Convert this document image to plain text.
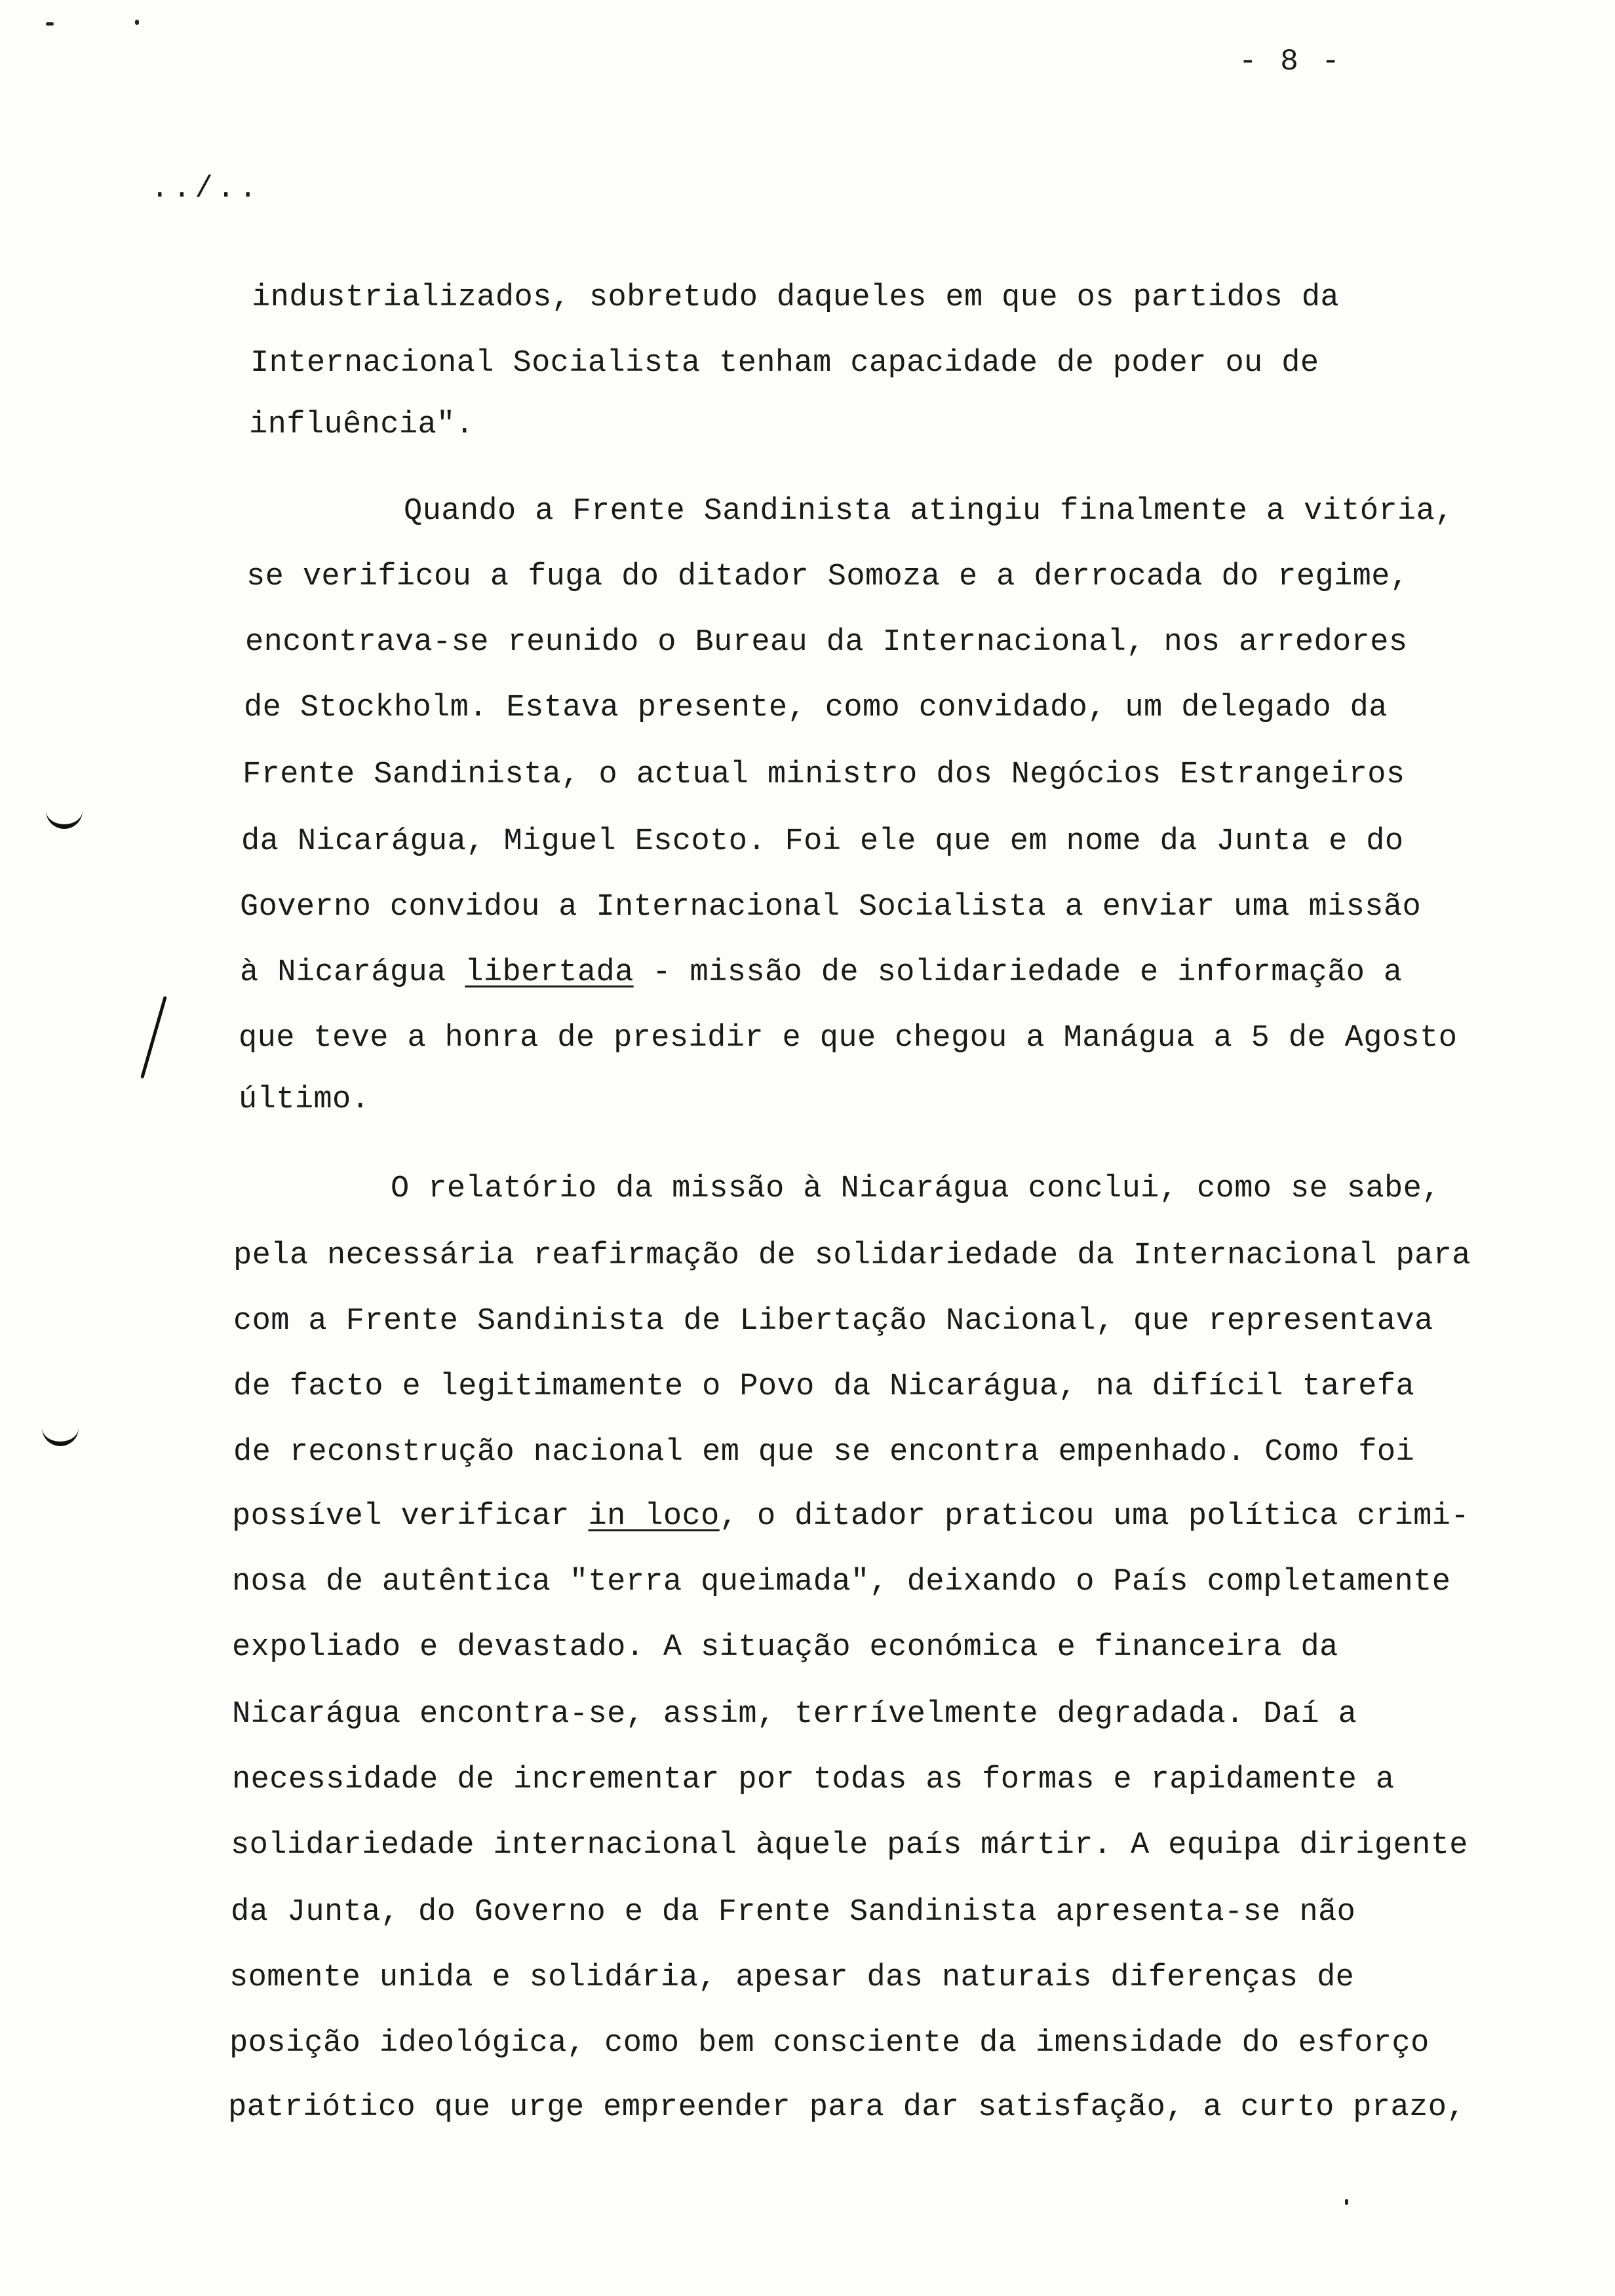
- 8 -
../..
industrializados, sobretudo daqueles em que os partidos da
Internacional Socialista tenham capacidade de poder ou de
influência".
Quando a Frente Sandinista atingiu finalmente a vitória,
se verificou a fuga do ditador Somoza e a derrocada do regime,
encontrava-se reunido o Bureau da Internacional, nos arredores
de Stockholm. Estava presente, como convidado, um delegado da
Frente Sandinista, o actual ministro dos Negócios Estrangeiros
da Nicarágua, Miguel Escoto. Foi ele que em nome da Junta e do
Governo convidou a Internacional Socialista a enviar uma missão
à Nicarágua libertada - missão de solidariedade e informação a
que teve a honra de presidir e que chegou a Manágua a 5 de Agosto
último.
O relatório da missão à Nicarágua conclui, como se sabe,
pela necessária reafirmação de solidariedade da Internacional para
com a Frente Sandinista de Libertação Nacional, que representava
de facto e legitimamente o Povo da Nicarágua, na difícil tarefa
de reconstrução nacional em que se encontra empenhado. Como foi
possível verificar in loco, o ditador praticou uma política crimi-
nosa de autêntica "terra queimada", deixando o País completamente
expoliado e devastado. A situação económica e financeira da
Nicarágua encontra-se, assim, terrívelmente degradada. Daí a
necessidade de incrementar por todas as formas e rapidamente a
solidariedade internacional àquele país mártir. A equipa dirigente
da Junta, do Governo e da Frente Sandinista apresenta-se não
somente unida e solidária, apesar das naturais diferenças de
posição ideológica, como bem consciente da imensidade do esforço
patriótico que urge empreender para dar satisfação, a curto prazo,
